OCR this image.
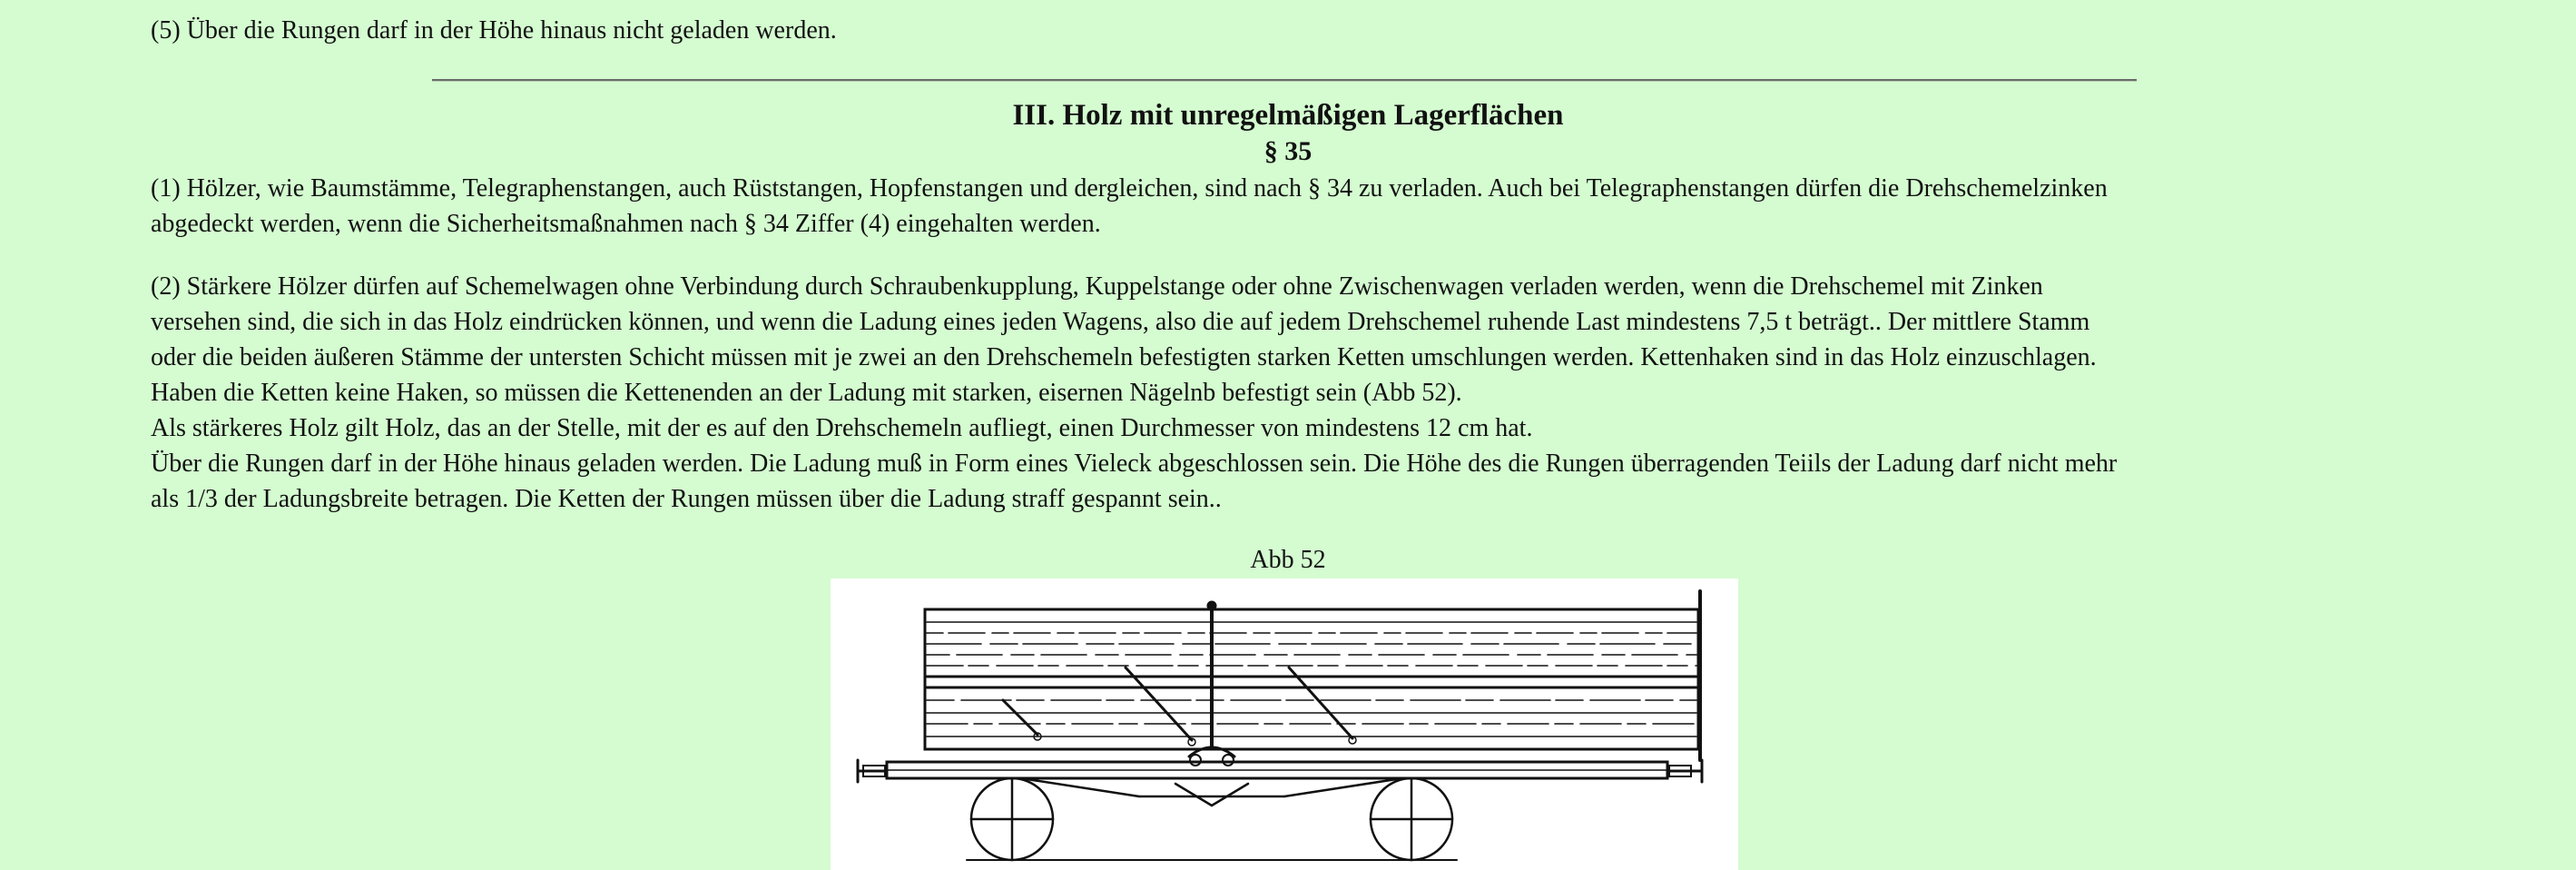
(5) Über die Rungen darf in der Höhe hinaus nicht geladen werden.

III. Holz mit unregelmäßigen Lagerflächen
§ 35

(1) Hölzer, wie Baumstämme, Telegraphenstangen, auch Rüststangen, Hopfenstangen und dergleichen, sind nach § 34 zu verladen. Auch bei Telegraphenstangen dürfen die Drehschemelzinken

abgedeckt werden, wenn die Sicherheitsmaßnahmen nach § 34 Ziffer (4) eingehalten werden.

(2) Stärkere Hölzer dürfen auf Schemelwagen ohne Verbindung durch Schraubenkupplung, Kuppelstange oder ohne Zwischenwagen verladen werden, wenn die Drehschemel mit Zinken

versehen sind, die sich in das Holz eindrücken können, und wenn die Ladung eines jeden Wagens, also die auf jedem Drehschemel ruhende Last mindestens 7,5 t beträgt.. Der mittlere Stamm

oder die beiden äußeren Stämme der untersten Schicht müssen mit je zwei an den Drehschemeln befestigten starken Ketten umschlungen werden. Kettenhaken sind in das Holz einzuschlagen.

Haben die Ketten keine Haken, so müssen die Kettenenden an der Ladung mit starken, eisernen Nägelnb befestigt sein (Abb 52).

Als stärkeres Holz gilt Holz, das an der Stelle, mit der es auf den Drehschemeln aufliegt, einen Durchmesser von mindestens 12 cm hat.

Über die Rungen darf in der Höhe hinaus geladen werden. Die Ladung muß in Form eines Vieleck abgeschlossen sein. Die Höhe des die Rungen überragenden Teiils der Ladung darf nicht mehr

als 1/3 der Ladungsbreite betragen. Die Ketten der Rungen müssen über die Ladung straff gespannt sein..

Abb 52
